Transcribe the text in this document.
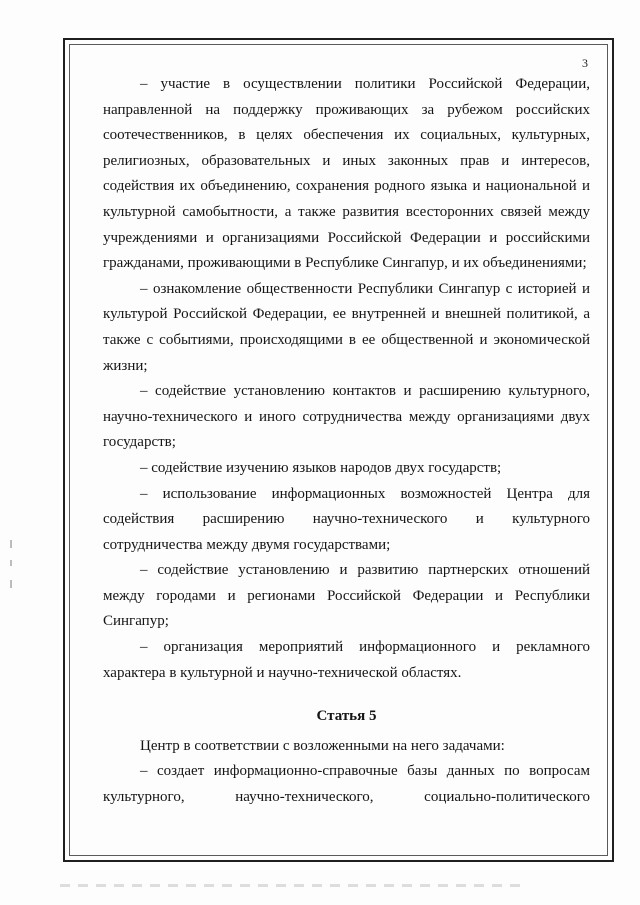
3

– участие в осуществлении политики Российской Федерации, направленной на поддержку проживающих за рубежом российских соотечественников, в целях обеспечения их социальных, культурных, религиозных, образовательных и иных законных прав и интересов, содействия их объединению, сохранения родного языка и национальной и культурной самобытности, а также развития всесторонних связей между учреждениями и организациями Российской Федерации и российскими гражданами, проживающими в Республике Сингапур, и их объединениями;

– ознакомление общественности Республики Сингапур с историей и культурой Российской Федерации, ее внутренней и внешней политикой, а также с событиями, происходящими в ее общественной и экономической жизни;

– содействие установлению контактов и расширению культурного, научно-технического и иного сотрудничества между организациями двух государств;

– содействие изучению языков народов двух государств;

– использование информационных возможностей Центра для содействия расширению научно-технического и культурного сотрудничества между двумя государствами;

– содействие установлению и развитию партнерских отношений между городами и регионами Российской Федерации и Республики Сингапур;

– организация мероприятий информационного и рекламного характера в культурной и научно-технической областях.

Статья 5

Центр в соответствии с возложенными на него задачами:

– создает информационно-справочные базы данных по вопросам культурного, научно-технического, социально-политического
